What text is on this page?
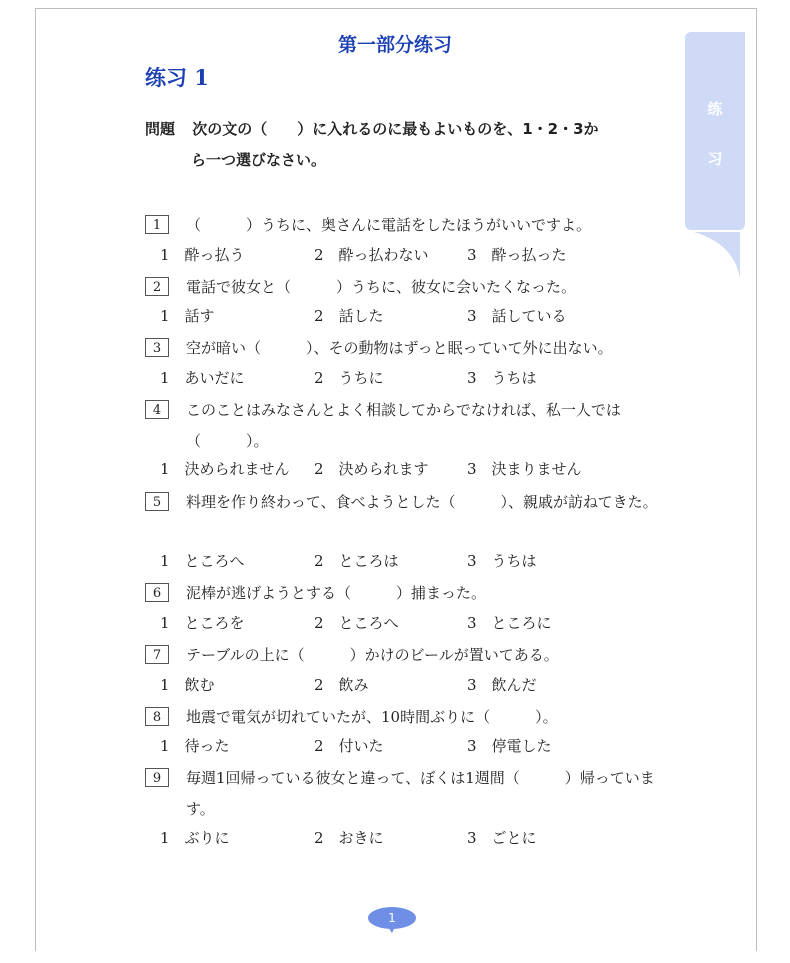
练
习
第一部分练习
练习 1
問題 次の文の（　　）に入れるのに最もよいものを、1・2・3か
ら一つ選びなさい。
1	（　　　）うちに、奥さんに電話をしたほうがいいですよ。
1　酔っ払う	2　酔っ払わない	3　酔っ払った
2	電話で彼女と（　　　）うちに、彼女に会いたくなった。
1　話す	2　話した	3　話している
3	空が暗い（　　　）、その動物はずっと眠っていて外に出ない。
1　あいだに	2　うちに	3　うちは
4	このことはみなさんとよく相談してからでなければ、私一人では（　　　）。
1　決められません 2　決められます	3　決まりません
5	料理を作り終わって、食べようとした（　　　）、親戚が訪ねてきた。
1　ところへ	2　ところは	3　うちは
6	泥棒が逃げようとする（　　　）捕まった。
1　ところを	2　ところへ	3　ところに
7	テーブルの上に（　　　）かけのビールが置いてある。
1　飲む	2　飲み	3　飲んだ
8	地震で電気が切れていたが、10時間ぶりに（　　　）。
1　待った	2　付いた	3　停電した
9	毎週1回帰っている彼女と違って、ぼくは1週間（　　　）帰っています。
1　ぶりに	2　おきに	3　ごとに
1
